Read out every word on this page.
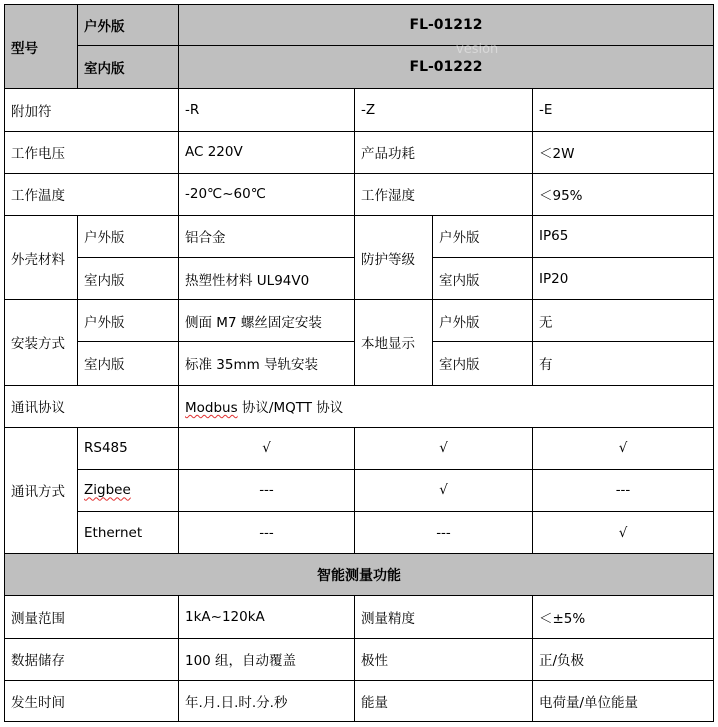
型号	户外版	FL-01212			
	室内版	FL-01222			
附加符		-R	-Z		-E
工作电压		AC 220V	产品功耗		＜2W
工作温度		-20℃~60℃	工作湿度		＜95%
外壳材料	户外版	铝合金	防护等级	户外版	IP65
	室内版	热塑性材料 UL94V0		室内版	IP20
安装方式	户外版	侧面 M7 螺丝固定安装	本地显示	户外版	无
	室内版	标准 35mm 导轨安装		室内版	有
通讯协议		Modbus 协议/MQTT 协议			
通讯方式	RS485	√	√		√
	Zigbee	---	√		---
	Ethernet	---	---		√
智能测量功能					
测量范围		1kA~120kA	测量精度		＜±5%
数据储存		100 组，自动覆盖	极性		正/负极
发生时间		年.月.日.时.分.秒	能量		电荷量/单位能量
vesion
